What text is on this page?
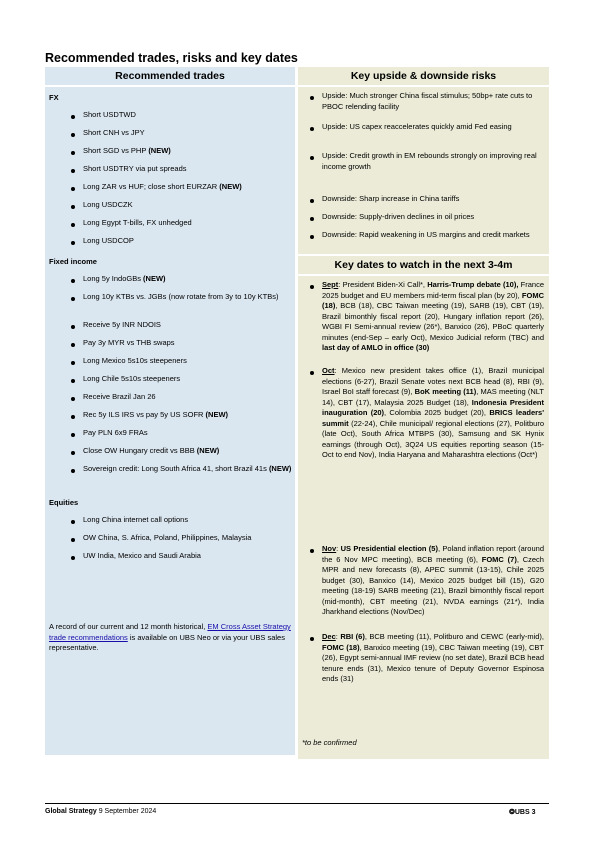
Recommended trades, risks and key dates
Recommended trades	Key upside & downside risks
FX
Short USDTWD
Short CNH vs JPY
Short SGD vs PHP (NEW)
Short USDTRY via put spreads
Long ZAR vs HUF; close short EURZAR (NEW)
Long USDCZK
Long Egypt T-bills, FX unhedged
Long USDCOP
Fixed income
Long 5y IndoGBs (NEW)
Long 10y KTBs vs. JGBs (now rotate from 3y to 10y KTBs)
Receive 5y INR NDOIS
Pay 3y MYR vs THB swaps
Long Mexico 5s10s steepeners
Long Chile 5s10s steepeners
Receive Brazil Jan 26
Rec 5y ILS IRS vs pay 5y US SOFR (NEW)
Pay PLN 6x9 FRAs
Close OW Hungary credit vs BBB (NEW)
Sovereign credit: Long South Africa 41, short Brazil 41s (NEW)
Equities
Long China internet call options
OW China, S. Africa, Poland, Philippines, Malaysia
UW India, Mexico and Saudi Arabia
A record of our current and 12 month historical, EM Cross Asset Strategy trade recommendations is available on UBS Neo or via your UBS sales representative.
Upside: Much stronger China fiscal stimulus; 50bp+ rate cuts to PBOC relending facility
Upside: US capex reaccelerates quickly amid Fed easing
Upside: Credit growth in EM rebounds strongly on improving real income growth
Downside: Sharp increase in China tariffs
Downside: Supply-driven declines in oil prices
Downside: Rapid weakening in US margins and credit markets
Key dates to watch in the next 3-4m
Sept: President Biden-Xi Call*, Harris-Trump debate (10), France 2025 budget and EU members mid-term fiscal plan (by 20), FOMC (18), BCB (18), CBC Taiwan meeting (19), SARB (19), CBT (19), Brazil bimonthly fiscal report (20), Hungary inflation report (26), WGBI FI Semi-annual review (26*), Banxico (26), PBoC quarterly minutes (end-Sep – early Oct), Mexico Judicial reform (TBC) and last day of AMLO in office (30)
Oct: Mexico new president takes office (1), Brazil municipal elections (6-27), Brazil Senate votes next BCB head (8), RBI (9), Israel BoI staff forecast (9), BoK meeting (11), MAS meeting (NLT 14), CBT (17), Malaysia 2025 Budget (18), Indonesia President inauguration (20), Colombia 2025 budget (20), BRICS leaders' summit (22-24), Chile municipal/ regional elections (27), Politburo (late Oct), South Africa MTBPS (30), Samsung and SK Hynix earnings (through Oct), 3Q24 US equities reporting season (15-Oct to end Nov), India Haryana and Maharashtra elections (Oct*)
Nov: US Presidential election (5), Poland inflation report (around the 6 Nov MPC meeting), BCB meeting (6), FOMC (7), Czech MPR and new forecasts (8), APEC summit (13-15), Chile 2025 budget (30), Banxico (14), Mexico 2025 budget bill (15), G20 meeting (18-19) SARB meeting (21), Brazil bimonthly fiscal report (mid-month), CBT meeting (21), NVDA earnings (21*), India Jharkhand elections (Nov/Dec)
Dec: RBI (6), BCB meeting (11), Politburo and CEWC (early-mid), FOMC (18), Banxico meeting (19), CBC Taiwan meeting (19), CBT (26), Egypt semi-annual IMF review (no set date), Brazil BCB head tenure ends (31), Mexico tenure of Deputy Governor Espinosa ends (31)
*to be confirmed
Global Strategy 9 September 2024	❂UBS 3
